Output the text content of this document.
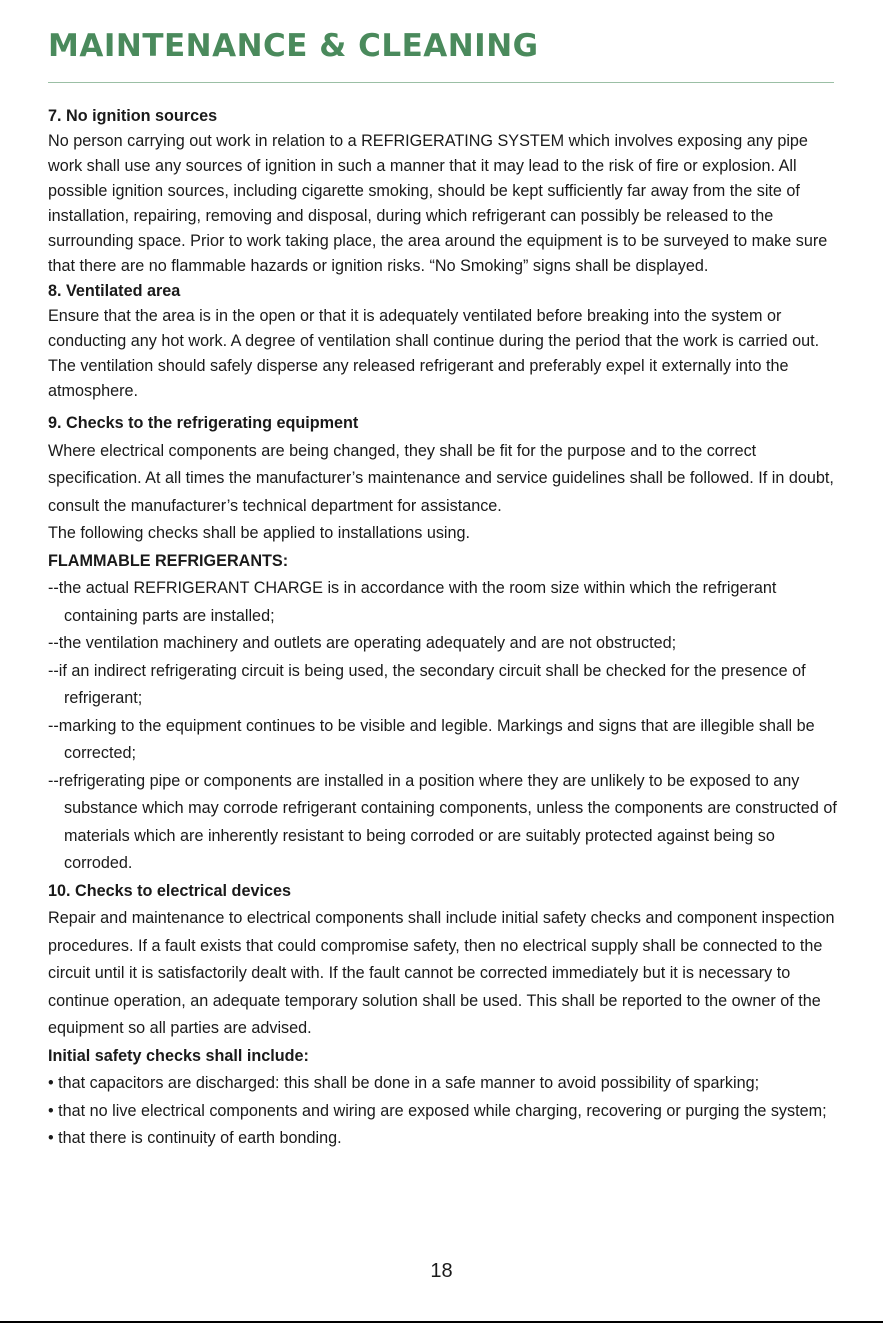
MAINTENANCE & CLEANING

7. No ignition sources

No person carrying out work in relation to a REFRIGERATING SYSTEM which involves exposing any pipe work shall use any sources of ignition in such a manner that it may lead to the risk of fire or explosion. All possible ignition sources, including cigarette smoking, should be kept sufficiently far away from the site of installation, repairing, removing and disposal, during which refrigerant can possibly be released to the surrounding space. Prior to work taking place, the area around the equipment is to be surveyed to make sure that there are no flammable hazards or ignition risks. “No Smoking” signs shall be displayed.

8. Ventilated area

Ensure that the area is in the open or that it is adequately ventilated before breaking into the system or conducting any hot work. A degree of ventilation shall continue during the period that the work is carried out. The ventilation should safely disperse any released refrigerant and preferably expel it externally into the atmosphere.

9. Checks to the refrigerating equipment

Where electrical components are being changed, they shall be fit for the purpose and to the correct specification. At all times the manufacturer’s maintenance and service guidelines shall be followed. If in doubt, consult the manufacturer’s technical department for assistance.

The following checks shall be applied to installations using.

FLAMMABLE REFRIGERANTS:

--the actual REFRIGERANT CHARGE is in accordance with the room size within which the refrigerant containing parts are installed;

--the ventilation machinery and outlets are operating adequately and are not obstructed;

--if an indirect refrigerating circuit is being used, the secondary circuit shall be checked for the presence of refrigerant;

--marking to the equipment continues to be visible and legible. Markings and signs that are illegible shall be corrected;

--refrigerating pipe or components are installed in a position where they are unlikely to be exposed to any substance which may corrode refrigerant containing components, unless the components are constructed of materials which are inherently resistant to being corroded or are suitably protected against being so corroded.

10. Checks to electrical devices

Repair and maintenance to electrical components shall include initial safety checks and component inspection procedures. If a fault exists that could compromise safety, then no electrical supply shall be connected to the circuit until it is satisfactorily dealt with. If the fault cannot be corrected immediately but it is necessary to continue operation, an adequate temporary solution shall be used. This shall be reported to the owner of the equipment so all parties are advised.

Initial safety checks shall include:

• that capacitors are discharged: this shall be done in a safe manner to avoid possibility of sparking;

• that no live electrical components and wiring are exposed while charging, recovering or purging the system;

• that there is continuity of earth bonding.

18
